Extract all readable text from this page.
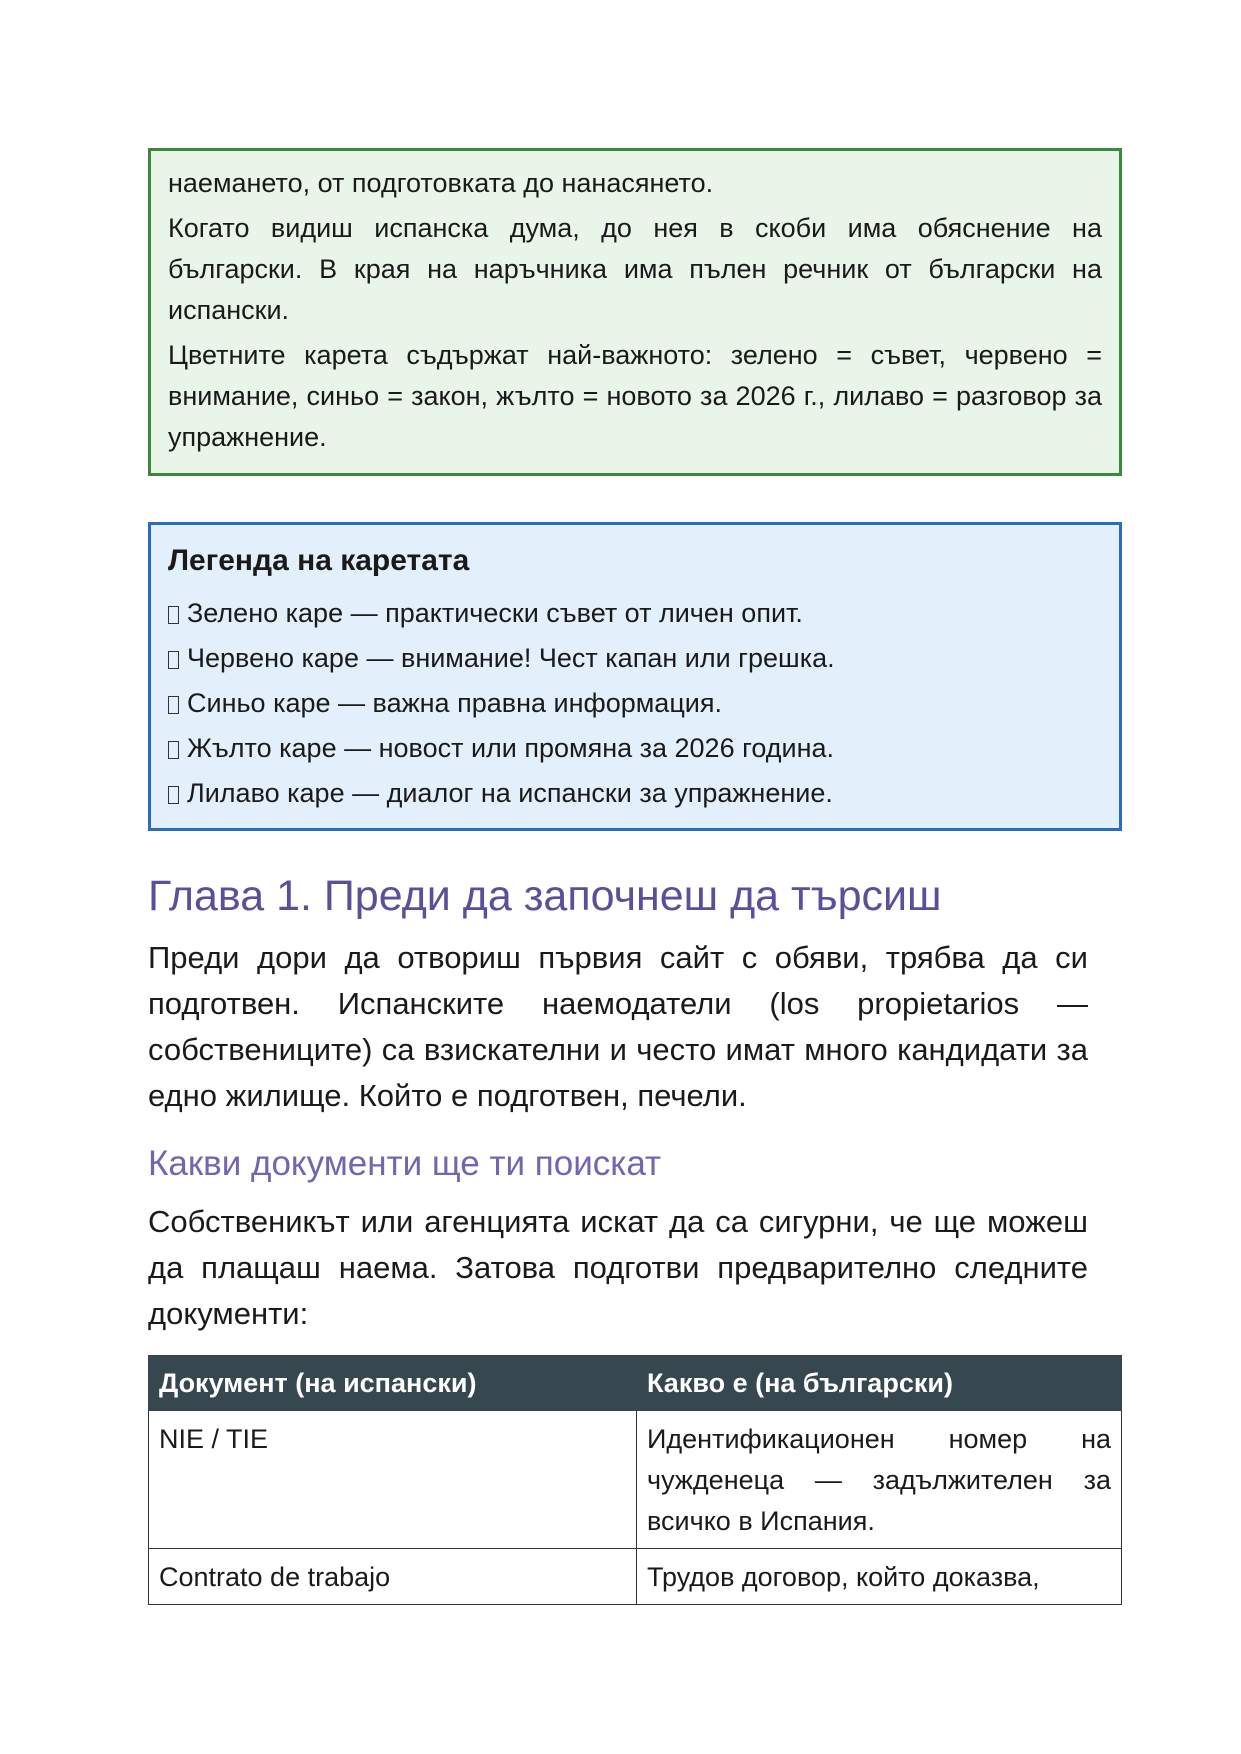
наемането, от подготовката до нанасянето.

Когато видиш испанска дума, до нея в скоби има обяснение на български. В края на наръчника има пълен речник от български на испански.

Цветните карета съдържат най-важното: зелено = съвет, червено = внимание, синьо = закон, жълто = новото за 2026 г., лилаво = разговор за упражнение.

Легенда на каретата
Зелено каре — практически съвет от личен опит.
Червено каре — внимание! Чест капан или грешка.
Синьо каре — важна правна информация.
Жълто каре — новост или промяна за 2026 година.
Лилаво каре — диалог на испански за упражнение.
Глава 1. Преди да започнеш да търсиш

Преди дори да отвориш първия сайт с обяви, трябва да си подготвен. Испанските наемодатели (los propietarios — собствениците) са взискателни и често имат много кандидати за едно жилище. Който е подготвен, печели.

Какви документи ще ти поискат

Собственикът или агенцията искат да са сигурни, че ще можеш да плащаш наема. Затова подготви предварително следните документи:

Документ (на испански)	Какво е (на български)
NIE / TIE	Идентификационен номер на чужденеца — задължителен за всичко в Испания.
Contrato de trabajo	Трудов договор, който доказва,
